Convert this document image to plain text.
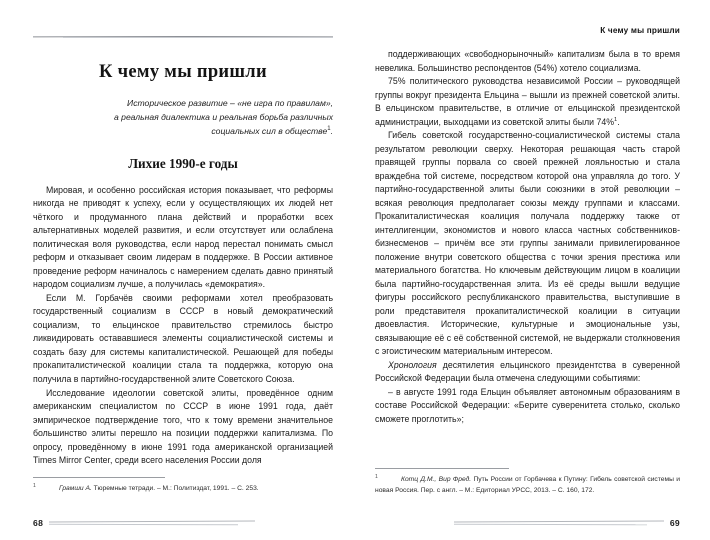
К чему мы пришли
Историческое развитие – «не игра по правилам»,
а реальная диалектика и реальная борьба различных
социальных сил в обществе$^1$.
Лихие 1990-е годы

Мировая, и особенно российская история показывает, что реформы никогда не приводят к успеху, если у осуществляющих их людей нет чёткого и продуманного плана действий и проработки всех альтернативных моделей развития, и если отсутствует или ослаблена политическая воля руководства, если народ перестал понимать смысл реформ и отказывает своим лидерам в поддержке. В России активное проведение реформ начиналось с намерением сделать давно принятый народом социализм лучше, а получилась «демократия».

Если М. Горбачёв своими реформами хотел преобразовать государственный социализм в СССР в новый демократический социализм, то ельцинское правительство стремилось быстро ликвидировать остававшиеся элементы социалистической системы и создать базу для системы капиталистической. Решающей для победы прокапиталистической коалиции стала та поддержка, которую она получила в партийно-государственной элите Советского Союза.

Исследование идеологии советской элиты, проведённое одним американским специалистом по СССР в июне 1991 года, даёт эмпирическое подтверждение того, что к тому времени значительное большинство элиты перешло на позиции поддержки капитализма. По опросу, проведённому в июне 1991 года американской организацией Times Mirror Center, среди всего населения России доля

1	Грамши А. Тюремные тетради. – М.: Политиздат, 1991. – С. 253.
68
К чему мы пришли

поддерживающих «свободнорыночный» капитализм была в то время невелика. Большинство респондентов (54%) хотело социализма.

75% политического руководства независимой России – руководящей группы вокруг президента Ельцина – вышли из прежней советской элиты. В ельцинском правительстве, в отличие от ельцинской президентской администрации, выходцами из советской элиты были 74%$^1$.

Гибель советской государственно-социалистической системы стала результатом революции сверху. Некоторая решающая часть старой правящей группы порвала со своей прежней лояльностью и стала враждебна той системе, посредством которой она управляла до того. У партийно-государственной элиты были союзники в этой революции – всякая революция предполагает союзы между группами и классами. Прокапиталистическая коалиция получала поддержку также от интеллигенции, экономистов и нового класса частных собственников-бизнесменов – причём все эти группы занимали привилегированное положение внутри советского общества с точки зрения престижа или материального богатства. Но ключевым действующим лицом в коалиции была партийно-государственная элита. Из её среды вышли ведущие фигуры российского республиканского правительства, выступившие в роли представителя прокапиталистической коалиции в ситуации двоевластия. Исторические, культурные и эмоциональные узы, связывающие её с её собственной системой, не выдержали столкновения с эгоистическим материальным интересом.

Хронология десятилетия ельцинского президентства в суверенной Российской Федерации была отмечена следующими событиями:

– в августе 1991 года Ельцин объявляет автономным образованиям в составе Российской Федерации: «Берите суверенитета столько, сколько сможете проглотить»;

1	Котц Д.М., Вир Фред. Путь России от Горбачева к Путину: Гибель советской системы и новая Россия. Пер. с англ. – М.: Едиториал УРСС, 2013. – С. 160, 172.
69
